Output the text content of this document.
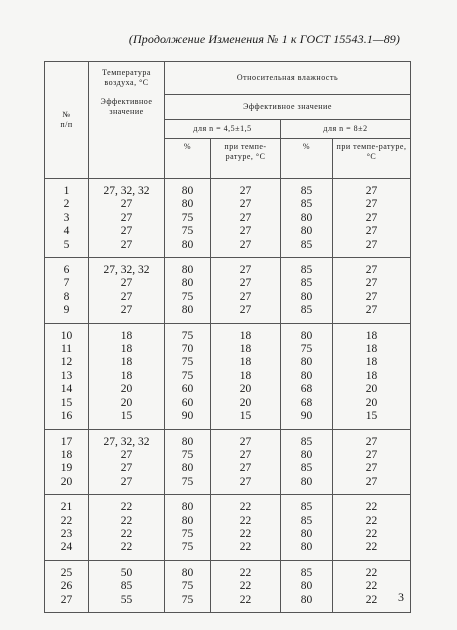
(Продолжение Изменения № 1 к ГОСТ 15543.1—89)
№
п/п	Температура воздуха, °С	Относительная влажность			
	Эффективное значение	Эффективное значение			
		для n = 4,5±1,5		для n = 8±2	
		%	при темпе-ратуре, °С	%	при темпе-ратуре, °С
1	27, 32, 32	80	27	85	27
2	27	80	27	85	27
3	27	75	27	80	27
4	27	75	27	80	27
5	27	80	27	85	27
6	27, 32, 32	80	27	85	27
7	27	80	27	85	27
8	27	75	27	80	27
9	27	80	27	85	27
10	18	75	18	80	18
11	18	70	18	75	18
12	18	75	18	80	18
13	18	75	18	80	18
14	20	60	20	68	20
15	20	60	20	68	20
16	15	90	15	90	15
17	27, 32, 32	80	27	85	27
18	27	75	27	80	27
19	27	80	27	85	27
20	27	75	27	80	27
21	22	80	22	85	22
22	22	80	22	85	22
23	22	75	22	80	22
24	22	75	22	80	22
25	50	80	22	85	22
26	85	75	22	80	22
27	55	75	22	80	22 3
